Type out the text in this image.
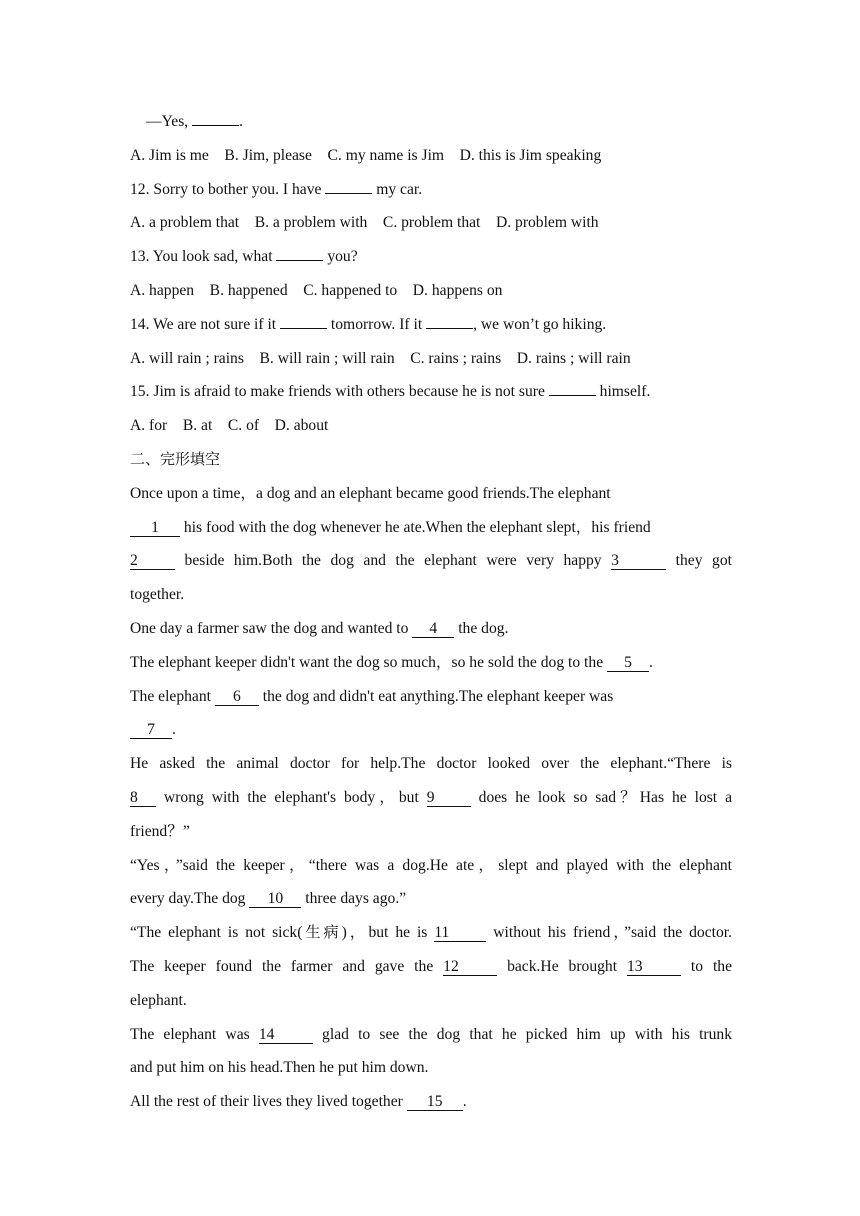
—Yes,	.
A. Jim is me    B. Jim, please    C. my name is Jim    D. this is Jim speaking
12. Sorry to bother you. I have	my car.
A. a problem that    B. a problem with    C. problem that    D. problem with
13. You look sad, what	you?
A. happen    B. happened    C. happened to    D. happens on
14. We are not sure if it	tomorrow. If it	, we won’t go hiking.
A. will rain ; rains    B. will rain ; will rain    C. rains ; rains    D. rains ; will rain
15. Jim is afraid to make friends with others because he is not sure	himself.
A. for    B. at    C. of    D. about
二、完形填空
Once upon a time，a dog and an elephant became good friends.The elephant
1 his food with the dog whenever he ate.When the elephant slept，his friend
2 beside him.Both the dog and the elephant were very happy 3	they got
together.
One day a farmer saw the dog and wanted to 4 the dog.
The elephant keeper didn't want the dog so much，so he sold the dog to the 5 .
The elephant 6 the dog and didn't eat anything.The elephant keeper was
7 .
He asked the animal doctor for help.The doctor looked over the elephant.“There is
8 wrong with the elephant's body，but 9 does he look so sad？Has he lost a
friend？”
“Yes，”said the keeper，“there was a dog.He ate，slept and played with the elephant
every day.The dog 10 three days ago.”
“The elephant is not sick(生病)，but he is 11 without his friend，”said the doctor.
The keeper found the farmer and gave the 12 back.He brought 13 to the
elephant.
The elephant was 14 glad to see the dog that he picked him up with his trunk
and put him on his head.Then he put him down.
All the rest of their lives they lived together 15 .
